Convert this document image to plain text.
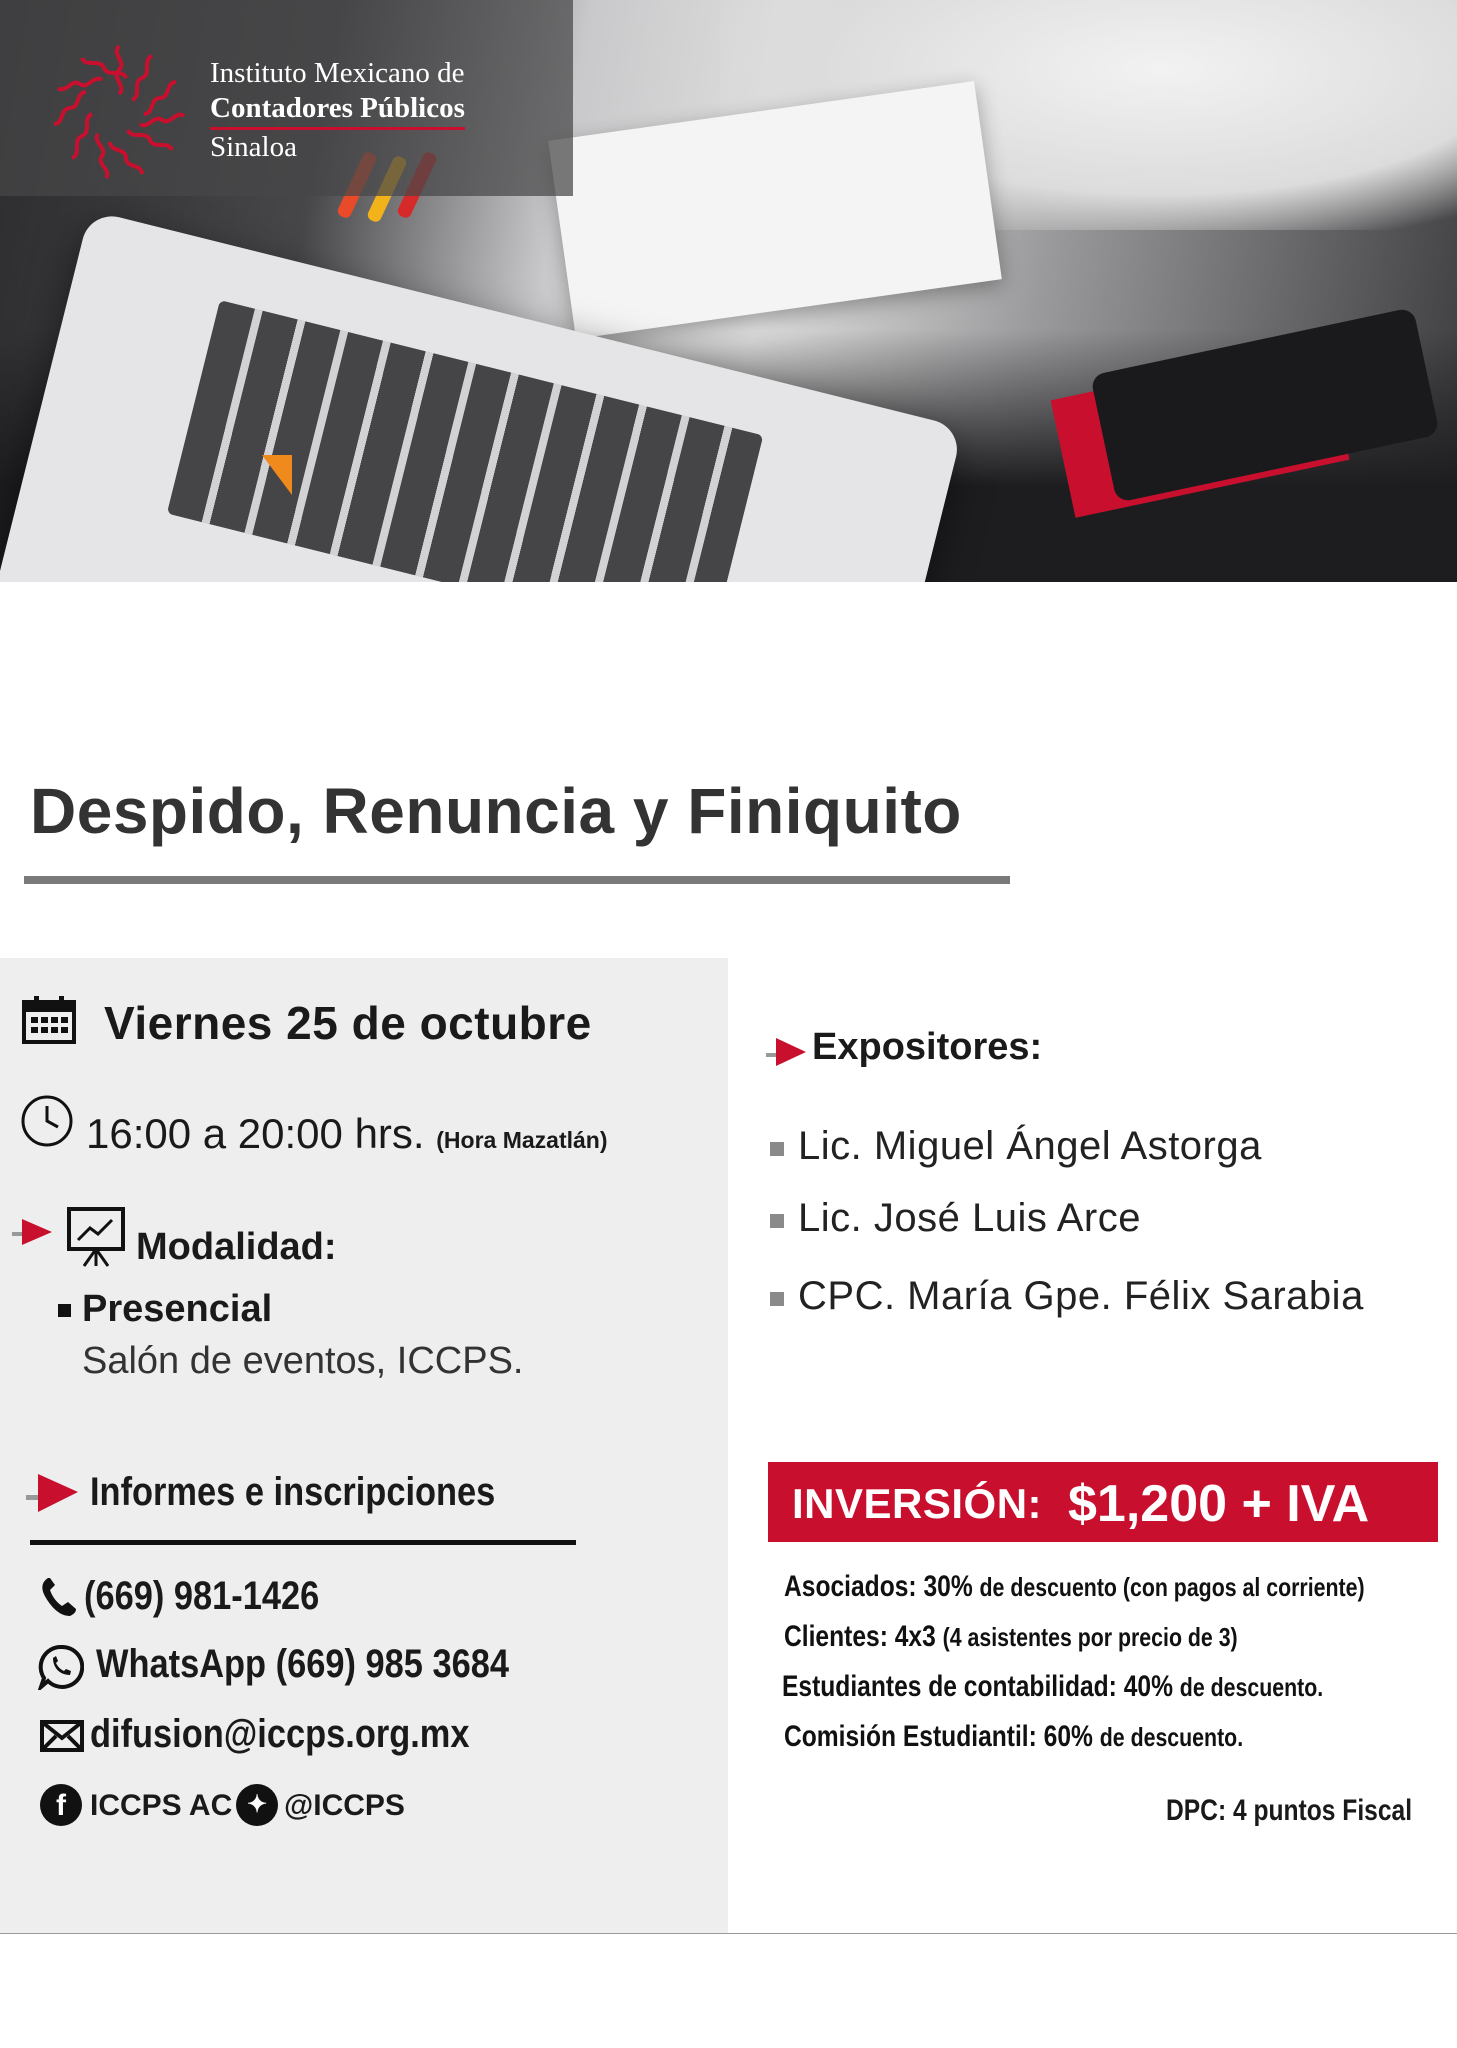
Instituto Mexicano de
Contadores Públicos
Sinaloa
Despido, Renuncia y Finiquito
Viernes 25 de octubre
16:00 a 20:00 hrs. (Hora Mazatlán)
Modalidad:
Presencial
Salón de eventos, ICCPS.
Informes e inscripciones
(669) 981-1426
WhatsApp (669) 985 3684
difusion@iccps.org.mx
f ICCPS AC ✦ @ICCPS
Expositores:
Lic. Miguel Ángel Astorga
Lic. José Luis Arce
CPC. María Gpe. Félix Sarabia
INVERSIÓN: $1,200 + IVA
Asociados: 30% de descuento (con pagos al corriente)
Clientes: 4x3 (4 asistentes por precio de 3)
Estudiantes de contabilidad: 40% de descuento.
Comisión Estudiantil: 60% de descuento.
DPC: 4 puntos Fiscal
